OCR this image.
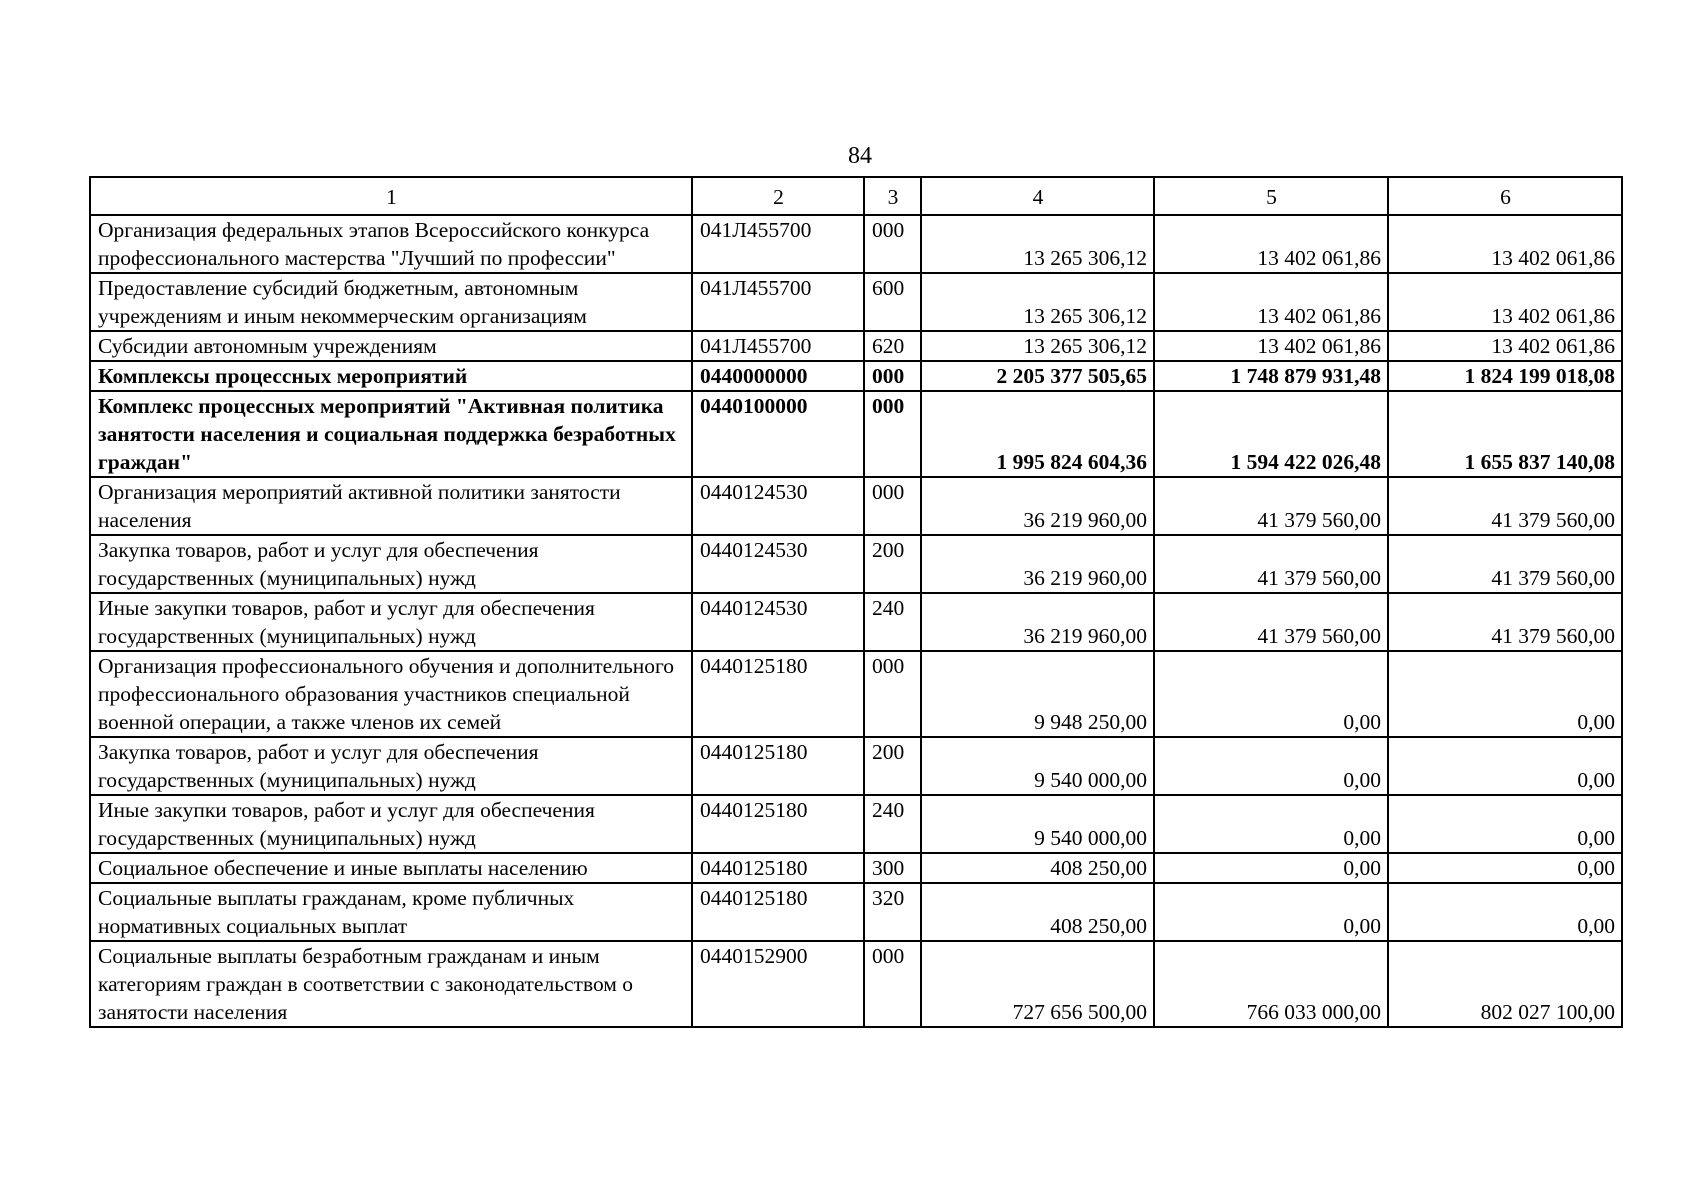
84
1	2	3	4	5	6
Организация федеральных этапов Всероссийского конкурса профессионального мастерства "Лучший по профессии"	041Л455700	000	13 265 306,12	13 402 061,86	13 402 061,86
Предоставление субсидий бюджетным, автономным учреждениям и иным некоммерческим организациям	041Л455700	600	13 265 306,12	13 402 061,86	13 402 061,86
Субсидии автономным учреждениям	041Л455700	620	13 265 306,12	13 402 061,86	13 402 061,86
Комплексы процессных мероприятий	0440000000	000	2 205 377 505,65	1 748 879 931,48	1 824 199 018,08
Комплекс процессных мероприятий "Активная политика занятости населения и социальная поддержка безработных граждан"	0440100000	000	1 995 824 604,36	1 594 422 026,48	1 655 837 140,08
Организация мероприятий активной политики занятости населения	0440124530	000	36 219 960,00	41 379 560,00	41 379 560,00
Закупка товаров, работ и услуг для обеспечения государственных (муниципальных) нужд	0440124530	200	36 219 960,00	41 379 560,00	41 379 560,00
Иные закупки товаров, работ и услуг для обеспечения государственных (муниципальных) нужд	0440124530	240	36 219 960,00	41 379 560,00	41 379 560,00
Организация профессионального обучения и дополнительного профессионального образования участников специальной военной операции, а также членов их семей	0440125180	000	9 948 250,00	0,00	0,00
Закупка товаров, работ и услуг для обеспечения государственных (муниципальных) нужд	0440125180	200	9 540 000,00	0,00	0,00
Иные закупки товаров, работ и услуг для обеспечения государственных (муниципальных) нужд	0440125180	240	9 540 000,00	0,00	0,00
Социальное обеспечение и иные выплаты населению	0440125180	300	408 250,00	0,00	0,00
Социальные выплаты гражданам, кроме публичных нормативных социальных выплат	0440125180	320	408 250,00	0,00	0,00
Социальные выплаты безработным гражданам и иным категориям граждан в соответствии с законодательством о занятости населения	0440152900	000	727 656 500,00	766 033 000,00	802 027 100,00
